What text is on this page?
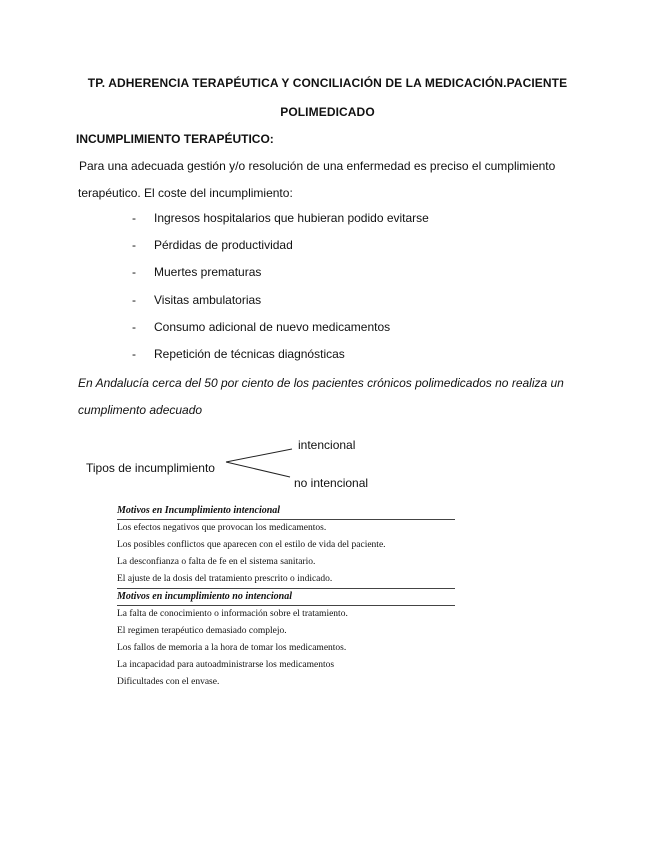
TP. ADHERENCIA TERAPÉUTICA Y CONCILIACIÓN DE LA MEDICACIÓN.PACIENTE
POLIMEDICADO
INCUMPLIMIENTO TERAPÉUTICO:
Para una adecuada gestión y/o resolución de una enfermedad es preciso el cumplimiento
terapéutico. El coste del incumplimiento:
- Ingresos hospitalarios que hubieran podido evitarse
- Pérdidas de productividad
- Muertes prematuras
- Visitas ambulatorias
- Consumo adicional de nuevo medicamentos
- Repetición de técnicas diagnósticas
En Andalucía cerca del 50 por ciento de los pacientes crónicos polimedicados no realiza un
cumplimento adecuado
Tipos de incumplimiento
intencional
no intencional
Motivos en Incumplimiento intencional
Los efectos negativos que provocan los medicamentos.
Los posibles conflictos que aparecen con el estilo de vida del paciente.
La desconfianza o falta de fe en el sistema sanitario.
El ajuste de la dosis del tratamiento prescrito o indicado.
Motivos en incumplimiento no intencional
La falta de conocimiento o información sobre el tratamiento.
El regimen terapéutico demasiado complejo.
Los fallos de memoria a la hora de tomar los medicamentos.
La incapacidad para autoadministrarse los medicamentos
Dificultades con el envase.
